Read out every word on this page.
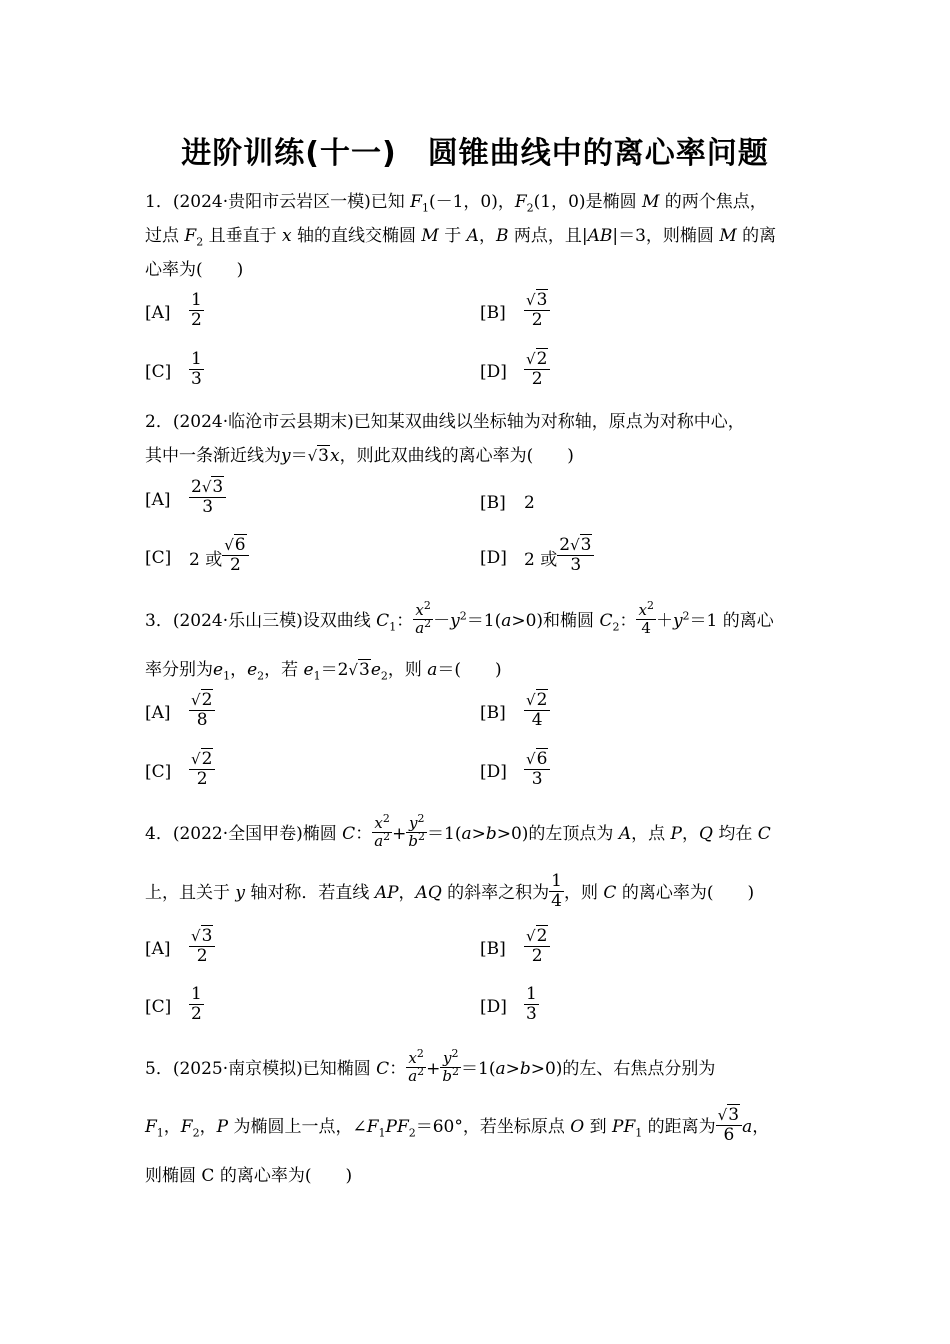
进阶训练(十一)　圆锥曲线中的离心率问题
1．(2024·贵阳市云岩区一模)已知 $F_1(-1$，0)，$F_2(1$，0)是椭圆 M 的两个焦点，
过点 $F_2$ 且垂直于 x 轴的直线交椭圆 M 于 A，B 两点，且|AB|＝3，则椭圆 M 的离
心率为(　　)
$[A] \frac{1}{2}$	$[B] \frac{√3}{2}$
$[C] \frac{1}{3}$	$[D] \frac{√2}{2}$
2．(2024·临沧市云县期末)已知某双曲线以坐标轴为对称轴，原点为对称中心，
其中一条渐近线为y＝√3x，则此双曲线的离心率为(　　)
$[A] \frac{2√3}{3}$	[B] 2
[C] 2 或 $\frac{√6}{2}$	[D] 2 或 $\frac{2√3}{3}$
3．(2024·乐山三模)设双曲线 $C_1$： $\frac{x^2}{a^2} -y^2=1(a>0)$和椭圆 $C_2$： $\frac{x^2}{4} +y^2=1$ 的离心
率分别为$e_1$，$e_2$，若 $e_1=2√3e_2$，则 a＝(　　)
$[A] \frac{√2}{8}$	$[B] \frac{√2}{4}$
$[C] \frac{√2}{2}$	$[D] \frac{√6}{3}$
4．(2022·全国甲卷)椭圆 C： $\frac{x^2}{a^2} + \frac{y^2}{b^2} =1(a>b>0)$的左顶点为 A，点 P，Q 均在 C
上，且关于 y 轴对称．若直线 AP，AQ 的斜率之积为 $\frac{1}{4}$ ，则 C 的离心率为(　　)
$[A] \frac{√3}{2}$	$[B] \frac{√2}{2}$
$[C] \frac{1}{2}$	$[D] \frac{1}{3}$
5．(2025·南京模拟)已知椭圆 C： $\frac{x^2}{a^2} + \frac{y^2}{b^2} =1(a>b>0)$的左、右焦点分别为
$F_1$，$F_2$，P 为椭圆上一点，$\angle F_1PF_2=60^\circ$，若坐标原点 O 到 $PF_1$ 的距离为 $\frac{√3}{6}$ a，
则椭圆 C 的离心率为(　　)
